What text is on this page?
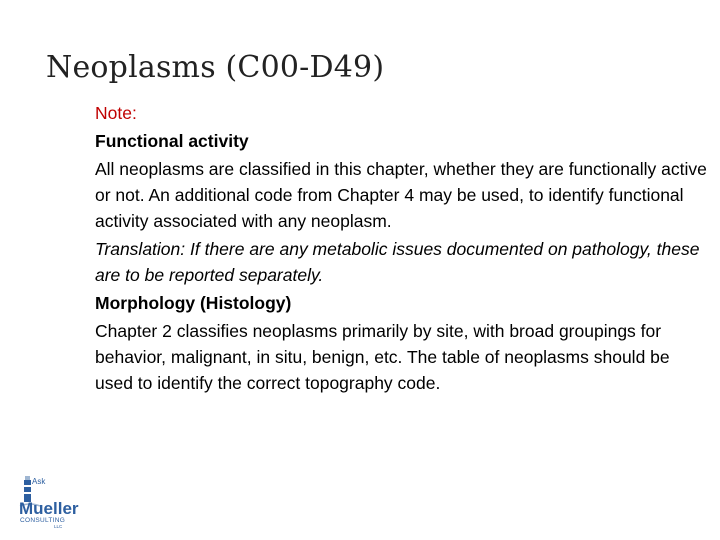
Neoplasms (C00-D49)

Note:

Functional activity

All neoplasms are classified in this chapter, whether they are functionally active or not. An additional code from Chapter 4 may be used, to identify functional activity associated with any neoplasm.

Translation: If there are any metabolic issues documented on pathology, these are to be reported separately.

Morphology (Histology)

Chapter 2 classifies neoplasms primarily by site, with broad groupings for behavior, malignant, in situ, benign, etc. The table of neoplasms should be used to identify the correct topography code.

Ask
Mueller
CONSULTING
LLC
